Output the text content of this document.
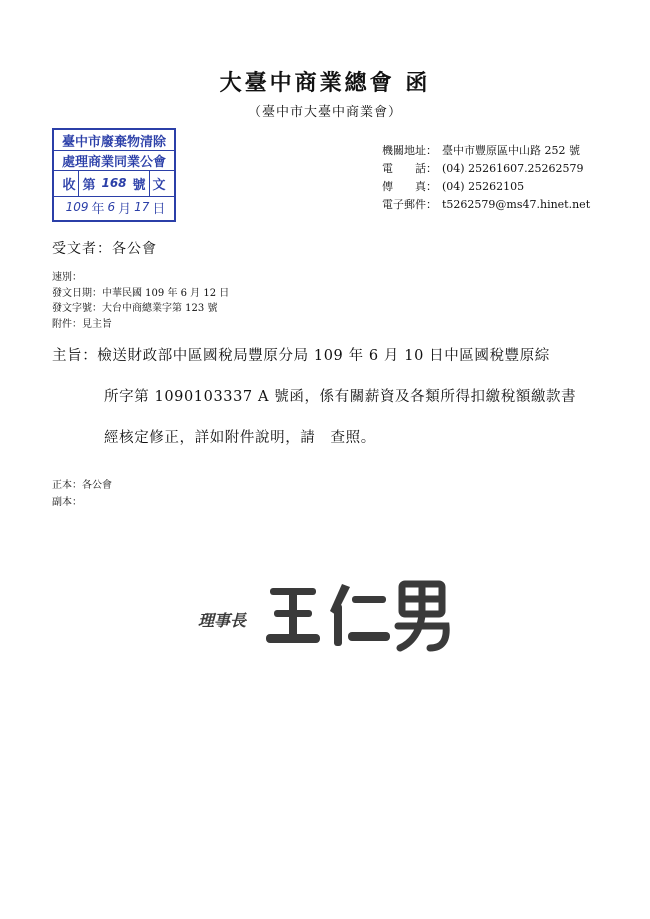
大臺中商業總會 函
（臺中市大臺中商業會）
臺中市廢棄物清除
處理商業同業公會
收 第 168 號 文
109 年 6 月 17 日
機關地址： 臺中市豐原區中山路 252 號
電　　話： (04) 25261607.25262579
傳　　真： (04) 25262105
電子郵件： t5262579@ms47.hinet.net
受文者：各公會
速別：
發文日期：中華民國 109 年 6 月 12 日
發文字號：大台中商總業字第 123 號
附件：見主旨
主旨：檢送財政部中區國稅局豐原分局 109 年 6 月 10 日中區國稅豐原綜
所字第 1090103337 A 號函，係有關薪資及各類所得扣繳稅額繳款書
經核定修正，詳如附件說明，請　查照。
正本：各公會
副本：
理事長
